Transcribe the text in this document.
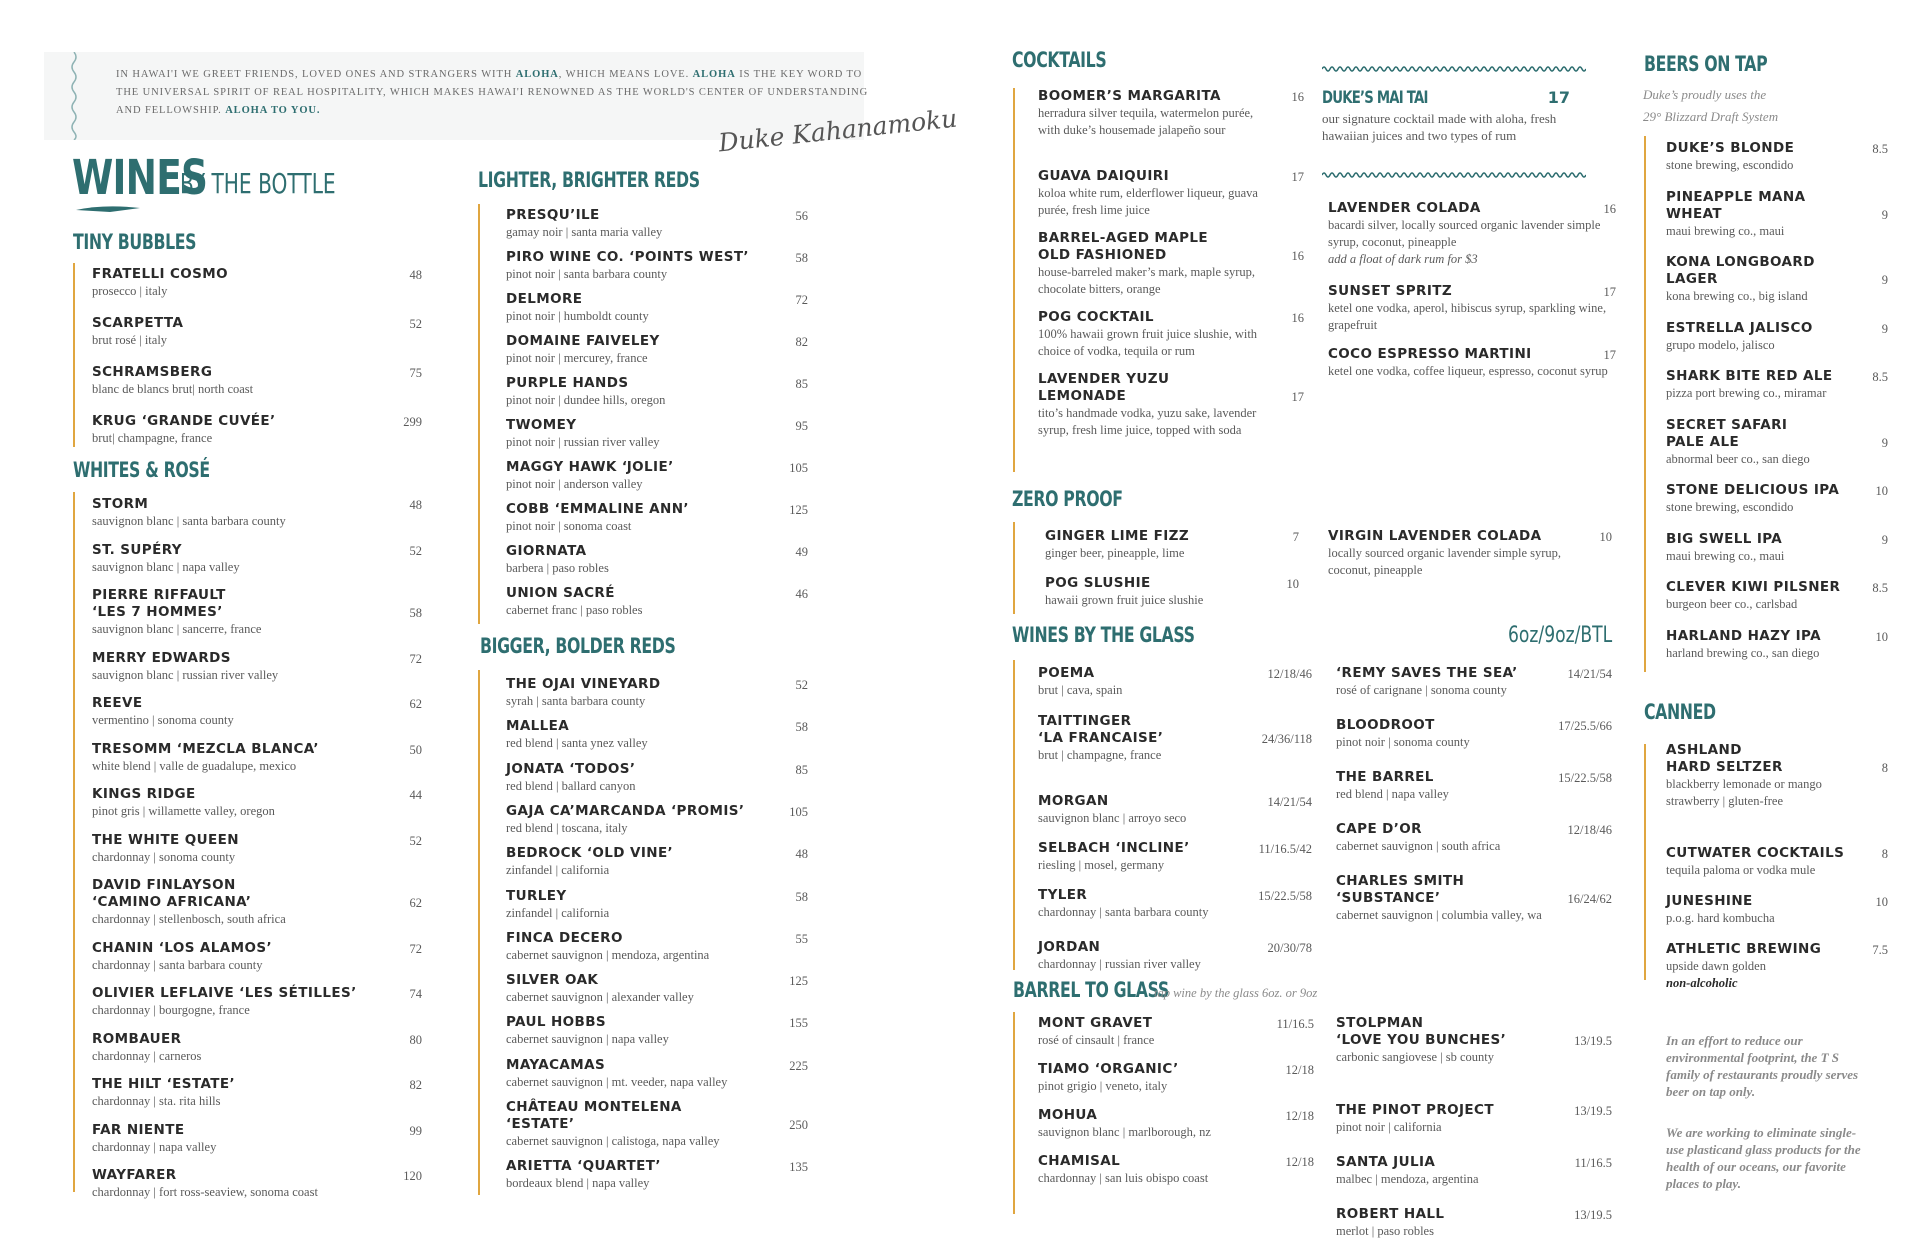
IN HAWAI'I WE GREET FRIENDS, LOVED ONES AND STRANGERS WITH ALOHA, WHICH MEANS LOVE. ALOHA IS THE KEY WORD TO THE UNIVERSAL SPIRIT OF REAL HOSPITALITY, WHICH MAKES HAWAI'I RENOWNED AS THE WORLD'S CENTER OF UNDERSTANDING AND FELLOWSHIP. ALOHA TO YOU.	Duke Kahanamoku
WINES
BY THE BOTTLE
TINY BUBBLES
WHITES & ROSÉ
LIGHTER, BRIGHTER REDS
BIGGER, BOLDER REDS
COCKTAILS
DUKE’S MAI TAI	17
our signature cocktail made with aloha, fresh hawaiian juices and two types of rum
ZERO PROOF
WINES BY THE GLASS	6oz/9oz/BTL
BARREL TO GLASS
tap wine by the glass 6oz. or 9oz
BEERS ON TAP
Duke’s proudly uses the
29° Blizzard Draft System
CANNED
In an effort to reduce our environmental footprint, the T S family of restaurants proudly serves beer on tap only.
We are working to eliminate single-use plasticand glass products for the health of our oceans, our favorite places to play.
FRATELLI COSMO
prosecco | italy
48
SCARPETTA
brut rosé | italy
52
SCHRAMSBERG
blanc de blancs brut| north coast
75
KRUG ‘GRANDE CUVÉE’
brut| champagne, france
299
STORM
sauvignon blanc | santa barbara county
48
ST. SUPÉRY
sauvignon blanc | napa valley
52
PIERRE RIFFAULT
‘LES 7 HOMMES’
sauvignon blanc | sancerre, france
58
MERRY EDWARDS
sauvignon blanc | russian river valley
72
REEVE
vermentino | sonoma county
62
TRESOMM ‘MEZCLA BLANCA’
white blend | valle de guadalupe, mexico
50
KINGS RIDGE
pinot gris | willamette valley, oregon
44
THE WHITE QUEEN
chardonnay | sonoma county
52
DAVID FINLAYSON
‘CAMINO AFRICANA’
chardonnay | stellenbosch, south africa
62
CHANIN ‘LOS ALAMOS’
chardonnay | santa barbara county
72
OLIVIER LEFLAIVE ‘LES SÉTILLES’
chardonnay | bourgogne, france
74
ROMBAUER
chardonnay | carneros
80
THE HILT ‘ESTATE’
chardonnay | sta. rita hills
82
FAR NIENTE
chardonnay | napa valley
99
WAYFARER
chardonnay | fort ross-seaview, sonoma coast
120
PRESQU’ILE
gamay noir | santa maria valley
56
PIRO WINE CO. ‘POINTS WEST’
pinot noir | santa barbara county
58
DELMORE
pinot noir | humboldt county
72
DOMAINE FAIVELEY
pinot noir | mercurey, france
82
PURPLE HANDS
pinot noir | dundee hills, oregon
85
TWOMEY
pinot noir | russian river valley
95
MAGGY HAWK ‘JOLIE’
pinot noir | anderson valley
105
COBB ‘EMMALINE ANN’
pinot noir | sonoma coast
125
GIORNATA
barbera | paso robles
49
UNION SACRÉ
cabernet franc | paso robles
46
THE OJAI VINEYARD
syrah | santa barbara county
52
MALLEA
red blend | santa ynez valley
58
JONATA ‘TODOS’
red blend | ballard canyon
85
GAJA CA’MARCANDA ‘PROMIS’
red blend | toscana, italy
105
BEDROCK ‘OLD VINE’
zinfandel | california
48
TURLEY
zinfandel | california
58
FINCA DECERO
cabernet sauvignon | mendoza, argentina
55
SILVER OAK
cabernet sauvignon | alexander valley
125
PAUL HOBBS
cabernet sauvignon | napa valley
155
MAYACAMAS
cabernet sauvignon | mt. veeder, napa valley
225
CHÂTEAU MONTELENA
‘ESTATE’
cabernet sauvignon | calistoga, napa valley
250
ARIETTA ‘QUARTET’
bordeaux blend | napa valley
135
BOOMER’S MARGARITA
herradura silver tequila, watermelon purée, with duke’s housemade jalapeño sour
16
GUAVA DAIQUIRI
koloa white rum, elderflower liqueur, guava purée, fresh lime juice
17
BARREL-AGED MAPLE
OLD FASHIONED
house-barreled maker’s mark, maple syrup, chocolate bitters, orange
16
POG COCKTAIL
100% hawaii grown fruit juice slushie, with choice of vodka, tequila or rum
16
LAVENDER YUZU
LEMONADE
tito’s handmade vodka, yuzu sake, lavender syrup, fresh lime juice, topped with soda
17
LAVENDER COLADA
bacardi silver, locally sourced organic lavender simple syrup, coconut, pineapple
add a float of dark rum for $3
16
SUNSET SPRITZ
ketel one vodka, aperol, hibiscus syrup, sparkling wine, grapefruit
17
COCO ESPRESSO MARTINI
ketel one vodka, coffee liqueur, espresso, coconut syrup
17
GINGER LIME FIZZ
ginger beer, pineapple, lime
7
POG SLUSHIE
hawaii grown fruit juice slushie
10
VIRGIN LAVENDER COLADA
locally sourced organic lavender simple syrup, coconut, pineapple
10
POEMA
brut | cava, spain
12/18/46
TAITTINGER
‘LA FRANCAISE’
brut | champagne, france
24/36/118
MORGAN
sauvignon blanc | arroyo seco
14/21/54
SELBACH ‘INCLINE’
riesling | mosel, germany
11/16.5/42
TYLER
chardonnay | santa barbara county
15/22.5/58
JORDAN
chardonnay | russian river valley
20/30/78
‘REMY SAVES THE SEA’
rosé of carignane | sonoma county
14/21/54
BLOODROOT
pinot noir | sonoma county
17/25.5/66
THE BARREL
red blend | napa valley
15/22.5/58
CAPE D’OR
cabernet sauvignon | south africa
12/18/46
CHARLES SMITH
‘SUBSTANCE’
cabernet sauvignon | columbia valley, wa
16/24/62
MONT GRAVET
rosé of cinsault | france
11/16.5
TIAMO ‘ORGANIC’
pinot grigio | veneto, italy
12/18
MOHUA
sauvignon blanc | marlborough, nz
12/18
CHAMISAL
chardonnay | san luis obispo coast
12/18
STOLPMAN
‘LOVE YOU BUNCHES’
carbonic sangiovese | sb county
13/19.5
THE PINOT PROJECT
pinot noir | california
13/19.5
SANTA JULIA
malbec | mendoza, argentina
11/16.5
ROBERT HALL
merlot | paso robles
13/19.5
DUKE’S BLONDE
stone brewing, escondido
8.5
PINEAPPLE MANA
WHEAT
maui brewing co., maui
9
KONA LONGBOARD
LAGER
kona brewing co., big island
9
ESTRELLA JALISCO
grupo modelo, jalisco
9
SHARK BITE RED ALE
pizza port brewing co., miramar
8.5
SECRET SAFARI
PALE ALE
abnormal beer co., san diego
9
STONE DELICIOUS IPA
stone brewing, escondido
10
BIG SWELL IPA
maui brewing co., maui
9
CLEVER KIWI PILSNER
burgeon beer co., carlsbad
8.5
HARLAND HAZY IPA
harland brewing co., san diego
10
ASHLAND
HARD SELTZER
blackberry lemonade or mango strawberry | gluten-free
8
CUTWATER COCKTAILS
tequila paloma or vodka mule
8
JUNESHINE
p.o.g. hard kombucha
10
ATHLETIC BREWING
upside dawn golden
non-alcoholic
7.5
